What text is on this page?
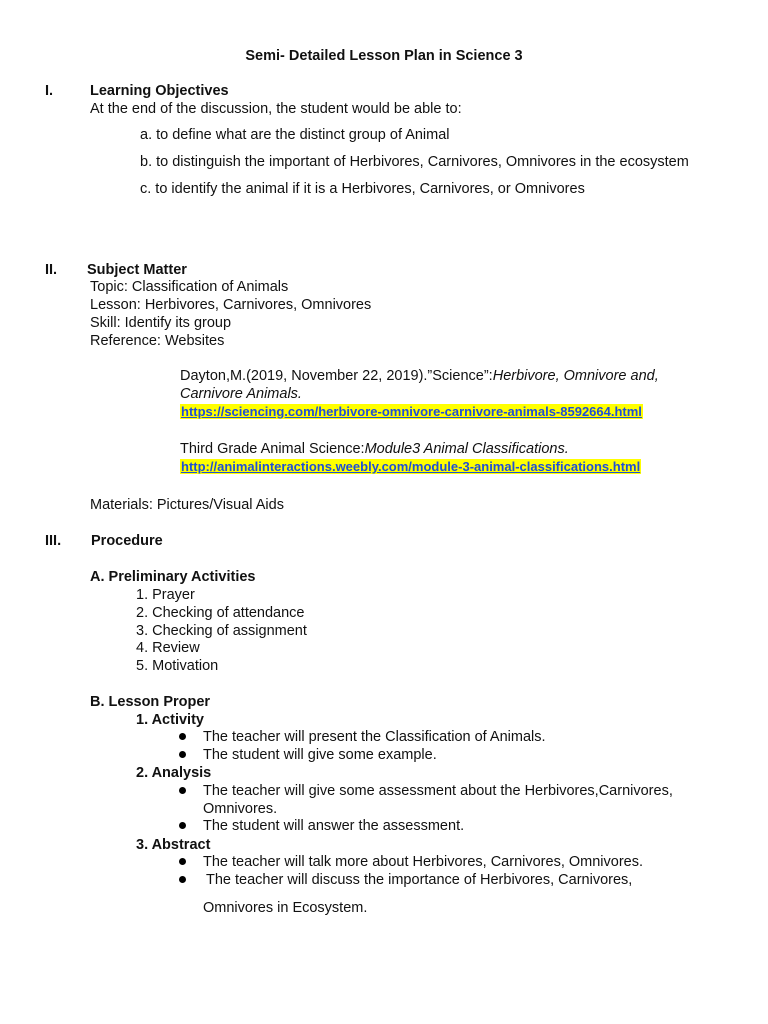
Semi- Detailed Lesson Plan in Science 3
I.	Learning Objectives
At the end of the discussion, the student would be able to:
a. to define what are the distinct group of Animal
b. to distinguish the important of Herbivores, Carnivores, Omnivores in the ecosystem
c. to identify the animal if it is a Herbivores, Carnivores, or Omnivores
II. Subject Matter
Topic: Classification of Animals
Lesson: Herbivores, Carnivores, Omnivores
Skill: Identify its group
Reference: Websites
Dayton,M.(2019, November 22, 2019).”Science”:Herbivore, Omnivore and,
Carnivore Animals.
https://sciencing.com/herbivore-omnivore-carnivore-animals-8592664.html
Third Grade Animal Science:Module3 Animal Classifications.
http://animalinteractions.weebly.com/module-3-animal-classifications.html
Materials: Pictures/Visual Aids
III. Procedure
A. Preliminary Activities
1. Prayer
2. Checking of attendance
3. Checking of assignment
4. Review
5. Motivation
B. Lesson Proper
1. Activity
The teacher will present the Classification of Animals.
The student will give some example.
2. Analysis
The teacher will give some assessment about the Herbivores,Carnivores,
Omnivores.
The student will answer the assessment.
3. Abstract
The teacher will talk more about Herbivores, Carnivores, Omnivores.
The teacher will discuss the importance of Herbivores, Carnivores,
Omnivores in Ecosystem.
